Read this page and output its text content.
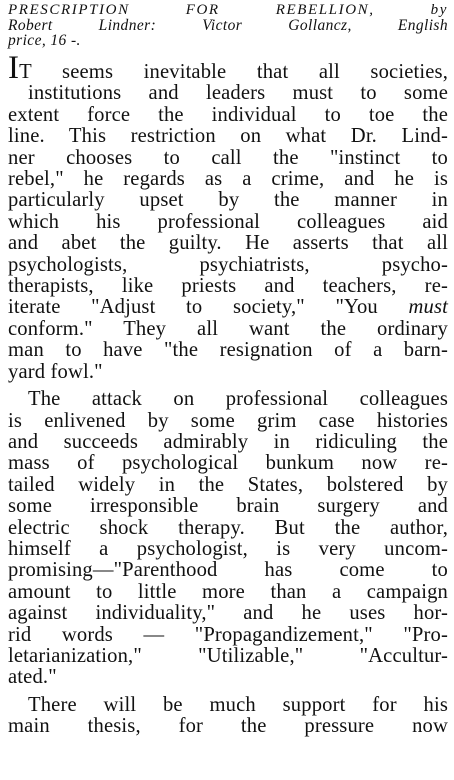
PRESCRIPTION FOR REBELLION, by

Robert Lindner: Victor Gollancz, English

price, 16 -.

IT seems inevitable that all societies,
institutions and leaders must to some
extent force the individual to toe the
line. This restriction on what Dr. Lind-
ner chooses to call the "instinct to
rebel," he regards as a crime, and he is
particularly upset by the manner in
which his professional colleagues aid
and abet the guilty. He asserts that all
psychologists, psychiatrists, psycho-
therapists, like priests and teachers, re-
iterate "Adjust to society," "You must
conform." They all want the ordinary
man to have "the resignation of a barn-
yard fowl."

The attack on professional colleagues
is enlivened by some grim case histories
and succeeds admirably in ridiculing the
mass of psychological bunkum now re-
tailed widely in the States, bolstered by
some irresponsible brain surgery and
electric shock therapy. But the author,
himself a psychologist, is very uncom-
promising—"Parenthood has come to
amount to little more than a campaign
against individuality," and he uses hor-
rid words — "Propagandizement," "Pro-
letarianization," "Utilizable," "Accultur-
ated."

There will be much support for his
main thesis, for the pressure now
